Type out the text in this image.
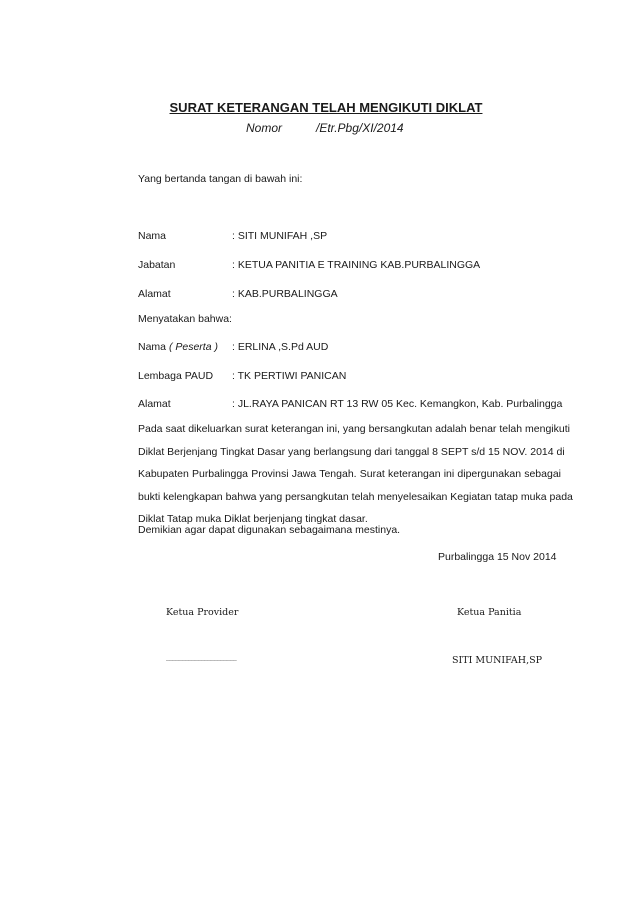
SURAT KETERANGAN TELAH MENGIKUTI DIKLAT
Nomor	/Etr.Pbg/XI/2014
Yang bertanda tangan di bawah ini:
Nama	: SITI MUNIFAH ,SP
Jabatan	: KETUA PANITIA E TRAINING KAB.PURBALINGGA
Alamat	: KAB.PURBALINGGA
Menyatakan bahwa:
Nama ( Peserta ) : ERLINA ,S.Pd AUD
Lembaga PAUD : TK PERTIWI PANICAN
Alamat	: JL.RAYA PANICAN RT 13 RW 05 Kec. Kemangkon, Kab. Purbalingga
Pada saat dikeluarkan surat keterangan ini, yang bersangkutan adalah benar telah mengikuti
Diklat Berjenjang Tingkat Dasar yang berlangsung dari tanggal 8 SEPT s/d 15 NOV. 2014 di
Kabupaten Purbalingga Provinsi Jawa Tengah. Surat keterangan ini dipergunakan sebagai
bukti kelengkapan bahwa yang persangkutan telah menyelesaikan Kegiatan tatap muka pada
Diklat Tatap muka Diklat berjenjang tingkat dasar.
Demikian agar dapat digunakan sebagaimana mestinya.
Purbalingga 15 Nov 2014
Ketua Provider	Ketua Panitia
______________________	SITI MUNIFAH,SP
